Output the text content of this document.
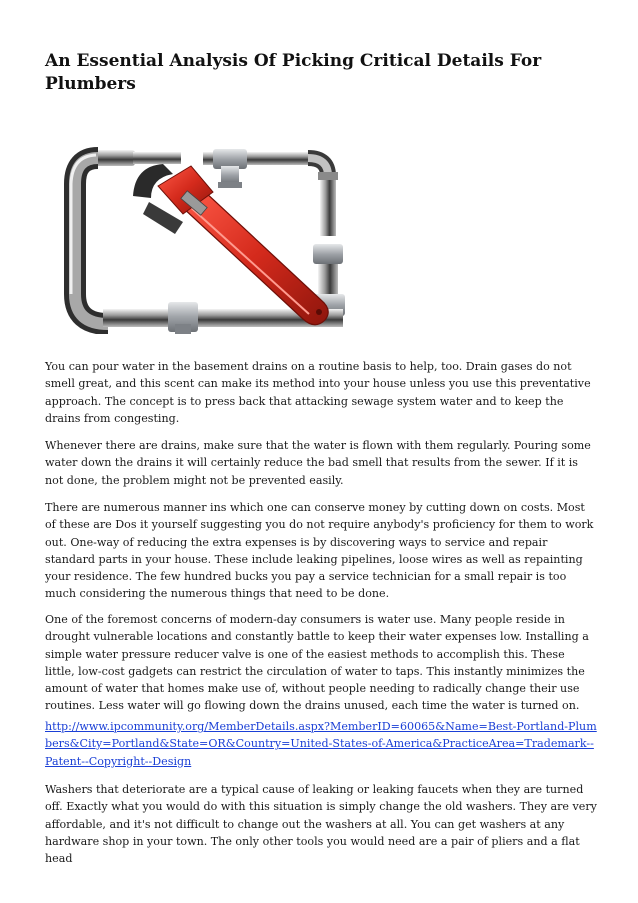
An Essential Analysis Of Picking Critical Details For Plumbers

You can pour water in the basement drains on a routine basis to help, too. Drain gases do not smell great, and this scent can make its method into your house unless you use this preventative approach. The concept is to press back that attacking sewage system water and to keep the drains from congesting.

Whenever there are drains, make sure that the water is flown with them regularly. Pouring some water down the drains it will certainly reduce the bad smell that results from the sewer. If it is not done, the problem might not be prevented easily.

There are numerous manner ins which one can conserve money by cutting down on costs. Most of these are Dos it yourself suggesting you do not require anybody's proficiency for them to work out. One-way of reducing the extra expenses is by discovering ways to service and repair standard parts in your house. These include leaking pipelines, loose wires as well as repainting your residence. The few hundred bucks you pay a service technician for a small repair is too much considering the numerous things that need to be done.

One of the foremost concerns of modern-day consumers is water use. Many people reside in drought vulnerable locations and constantly battle to keep their water expenses low. Installing a simple water pressure reducer valve is one of the easiest methods to accomplish this. These little, low-cost gadgets can restrict the circulation of water to taps. This instantly minimizes the amount of water that homes make use of, without people needing to radically change their use routines. Less water will go flowing down the drains unused, each time the water is turned on.

http://www.ipcommunity.org/MemberDetails.aspx?MemberID=60065&Name=Best-Portland-Plumbers&City=Portland&State=OR&Country=United-States-of-America&PracticeArea=Trademark--Patent--Copyright--Design

Washers that deteriorate are a typical cause of leaking or leaking faucets when they are turned off. Exactly what you would do with this situation is simply change the old washers. They are very affordable, and it's not difficult to change out the washers at all. You can get washers at any hardware shop in your town. The only other tools you would need are a pair of pliers and a flat head
